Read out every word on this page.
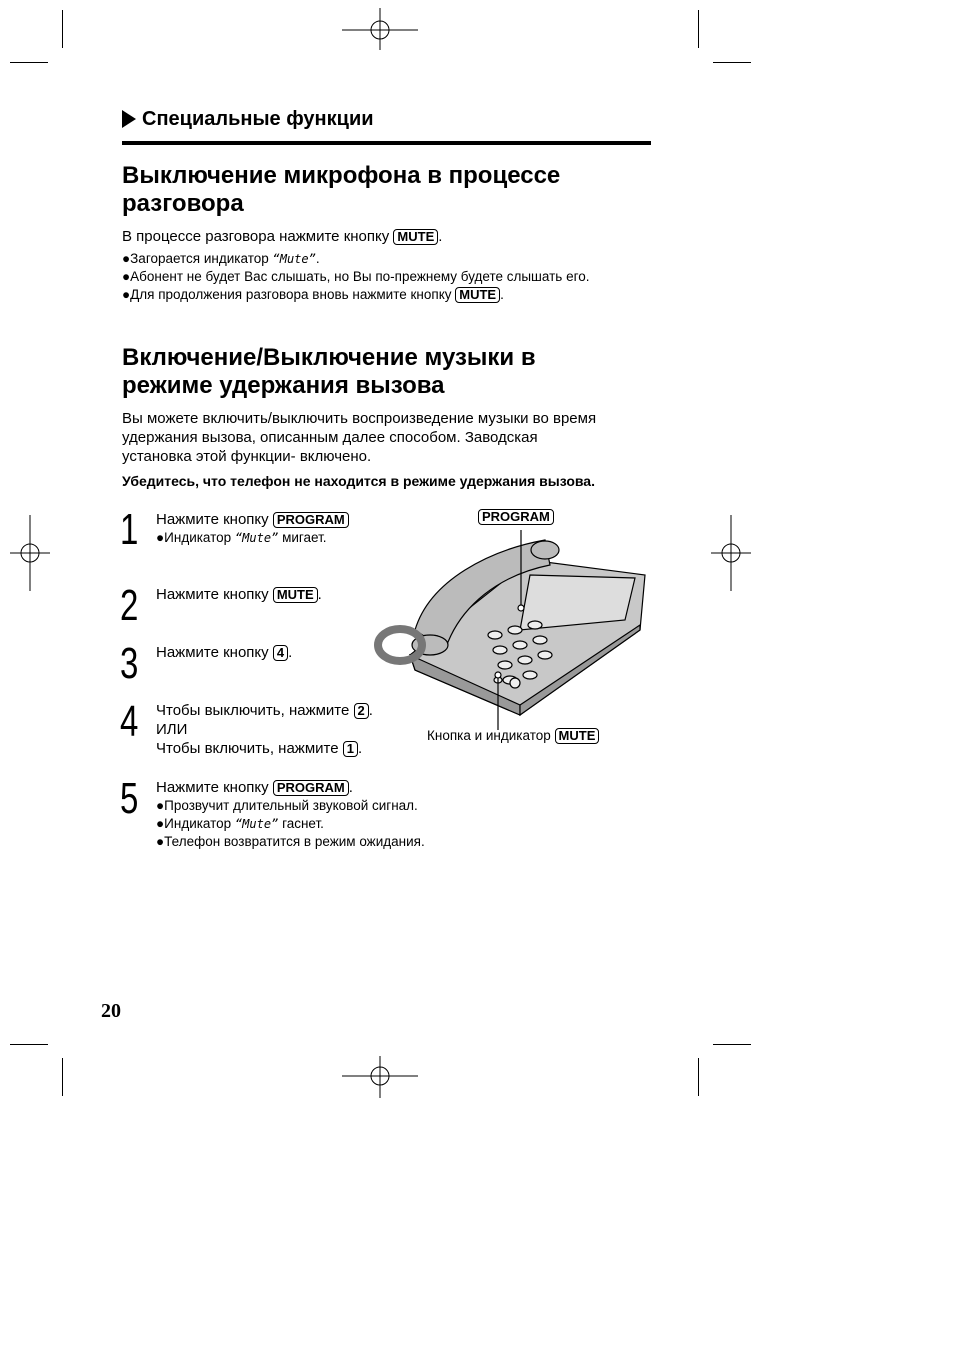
Специальные функции
Выключение микрофона в процессе
разговора
В процессе разговора нажмите кнопку MUTE .
●Загорается индикатор “Mute”.
●Абонент не будет Вас слышать, но Вы по-прежнему будете слышать его.
●Для продолжения разговора вновь нажмите кнопку MUTE .
Включение/Выключение музыки в
режиме удержания вызова
Вы можете включить/выключить воспроизведение музыки во время
удержания вызова, описанным далее способом. Заводская
установка этой функции- включено.
Убедитесь, что телефон не находится в режиме удержания вызова.
1 Нажмите кнопку PROGRAM
●Индикатор “Mute” мигает.
2 Нажмите кнопку MUTE .
3 Нажмите кнопку 4 .
4 Чтобы выключить, нажмите 2 .
ИЛИ
Чтобы включить, нажмите 1 .
5 Нажмите кнопку PROGRAM .
●Прозвучит длительный звуковой сигнал.
●Индикатор “Mute” гаснет.
●Телефон возвратится в режим ожидания.
PROGRAM
Кнопка и индикатор MUTE
20
